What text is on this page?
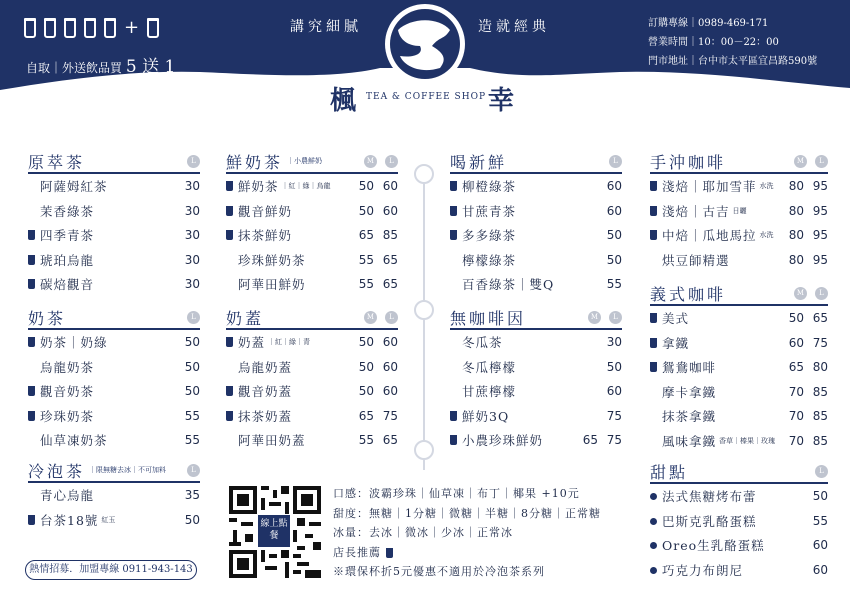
+
自取｜外送飲品買 5 送 1
講究細膩	造就經典	訂購專線｜0989-469-171
營業時間｜10：00－22：00
門市地址｜台中市太平區宜昌路590號
楓 TEA & COFFEE SHOP 幸
原萃茶	L
阿薩姆紅茶	30
茉香綠茶	30
四季青茶	30
琥珀烏龍	30
碳焙觀音	30
奶茶	L
奶茶｜奶綠	50
烏龍奶茶	50
觀音奶茶	50
珍珠奶茶	55
仙草凍奶茶	55
冷泡茶 ｜限無糖去冰｜不可加料	L
青心烏龍	35
台茶18號 紅玉	50
鮮奶茶 ｜小農鮮奶	M	L
鮮奶茶 ｜紅｜綠｜烏龍 50 60
觀音鮮奶	50 60
抹茶鮮奶	65 85
珍珠鮮奶茶	55 65
阿華田鮮奶	55 65
奶蓋	M	L
奶蓋 ｜紅｜綠｜青	50 60
烏龍奶蓋	50 60
觀音奶蓋	50 60
抹茶奶蓋	65 75
阿華田奶蓋	55 65
喝新鮮	L
柳橙綠茶	60
甘蔗青茶	60
多多綠茶	50
檸檬綠茶	50
百香綠茶｜雙Q	55
無咖啡因	M	L
冬瓜茶	30
冬瓜檸檬	50
甘蔗檸檬	60
鮮奶3Q	75
小農珍珠鮮奶	65 75
手沖咖啡	M	L
淺焙｜耶加雪菲 水洗 80 95
淺焙｜古吉 日曬	80 95
中焙｜瓜地馬拉 水洗 80 95
烘豆師精選	80 95
義式咖啡	M	L
美式	50 65
拿鐵	60 75
鴛鴦咖啡	65 80
摩卡拿鐵	70 85
抹茶拿鐵	70 85
風味拿鐵 香草｜榛果｜玫瑰 70 85
甜點	L
法式焦糖烤布蕾	50
巴斯克乳酪蛋糕	55
Oreo生乳酪蛋糕	60
巧克力布朗尼	60
線上點餐
口感：波霸珍珠｜仙草凍｜布丁｜椰果 +10元
甜度：無糖｜1分糖｜微糖｜半糖｜8分糖｜正常糖
冰量：去冰｜微冰｜少冰｜正常冰
店長推薦
※環保杯折5元優惠不適用於冷泡茶系列
熱情招募．加盟專線 0911-943-143
